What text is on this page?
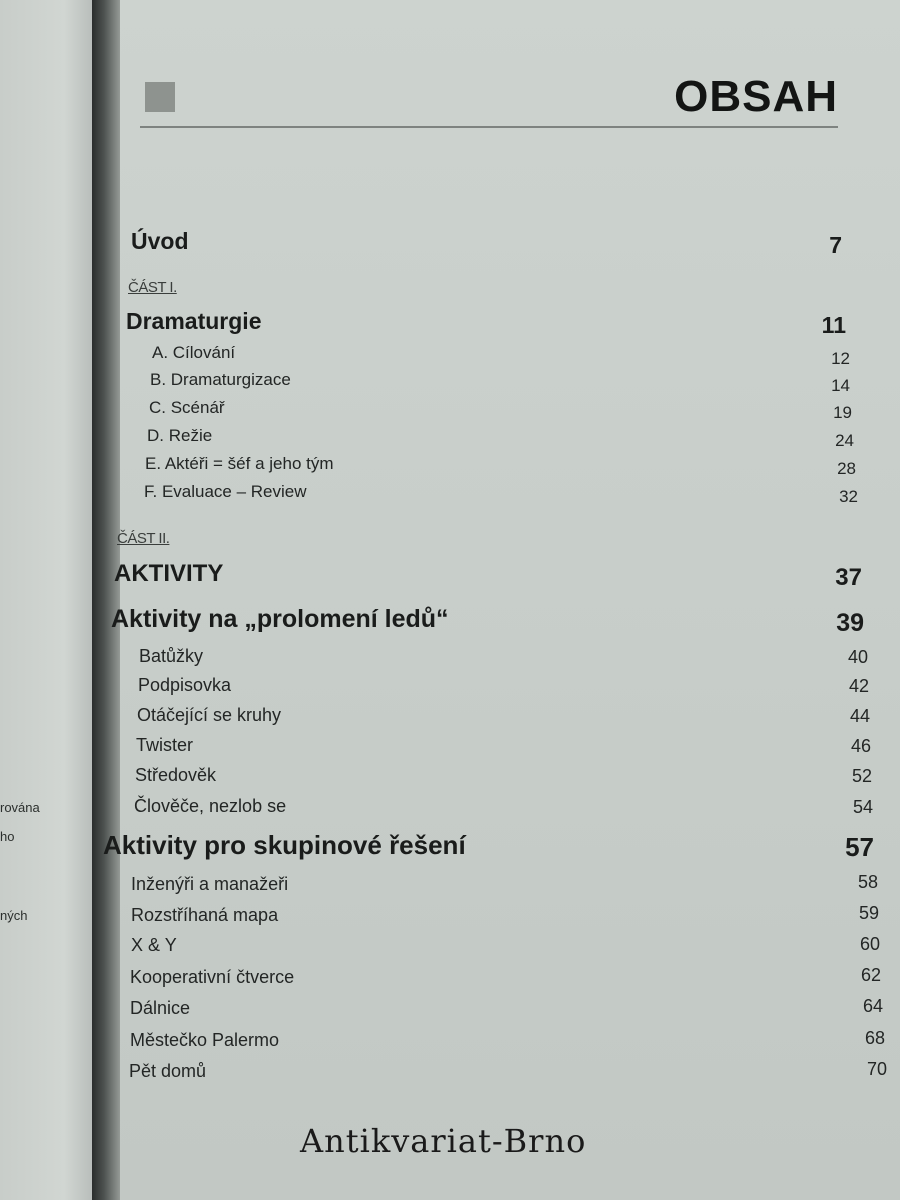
rována
ho
ných
OBSAH
Úvod	7
ČÁST I.
Dramaturgie	11
A. Cílování	12
B. Dramaturgizace	14
C. Scénář	19
D. Režie	24
E. Aktéři = šéf a jeho tým	28
F. Evaluace – Review	32
ČÁST II.
AKTIVITY	37
Aktivity na „prolomení ledů“	39
Batůžky	40
Podpisovka	42
Otáčející se kruhy	44
Twister	46
Středověk	52
Člověče, nezlob se	54
Aktivity pro skupinové řešení	57
Inženýři a manažeři	58
Rozstříhaná mapa	59
X & Y	60
Kooperativní čtverce	62
Dálnice	64
Městečko Palermo	68
Pět domů	70
Antikvariat-Brno
